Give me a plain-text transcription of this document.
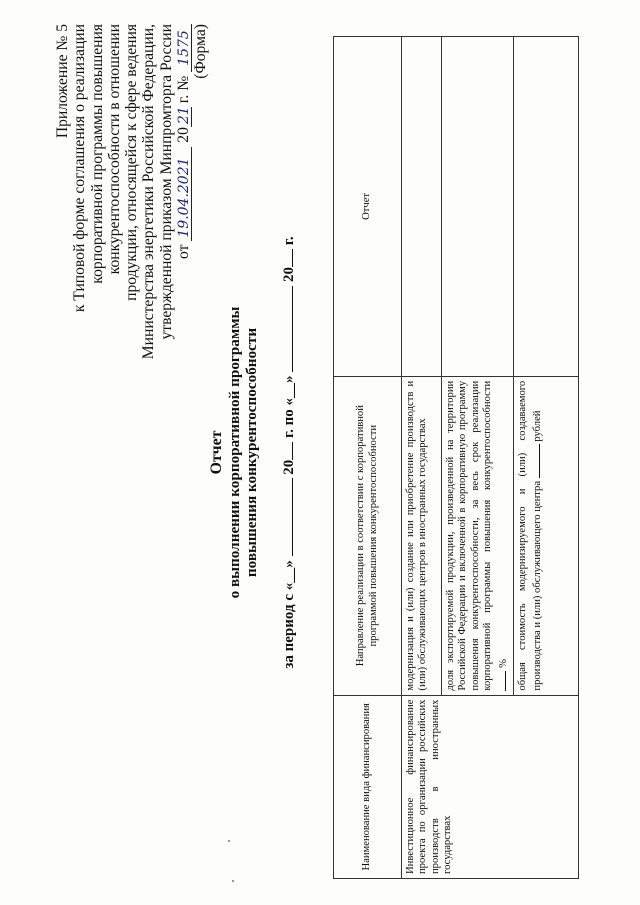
Приложение № 5 к Типовой форме соглашения о реализации корпоративной программы повышения конкурентоспособности в отношении продукции, относящейся к сфере ведения Министерства энергетики Российской Федерации, утвержденной приказом Минпромторга России от 19.04.2021 2021 г. № 1575 (Форма)
Отчет о выполнении корпоративной программы повышения конкурентоспособности
за период с «__»  20 г. по «__»  20 г.
Наименование вида финансирования	Направление реализации в соответствии с корпоративной программой повышения конкурентоспособности	Отчет
Инвестиционное финансирование проекта по организации российских производств в иностранных государствах	модернизация и (или) создание или приобретение производств и (или) обслуживающих центров в иностранных государствах	
	доля экспортируемой продукции, произведенной на территории Российской Федерации и включенной в корпоративную программу повышения конкурентоспособности, за весь срок реализации корпоративной программы повышения конкурентоспособности %	
	общая стоимость модернизируемого и (или) создаваемого производства и (или) обслуживающего центра  рублей	
